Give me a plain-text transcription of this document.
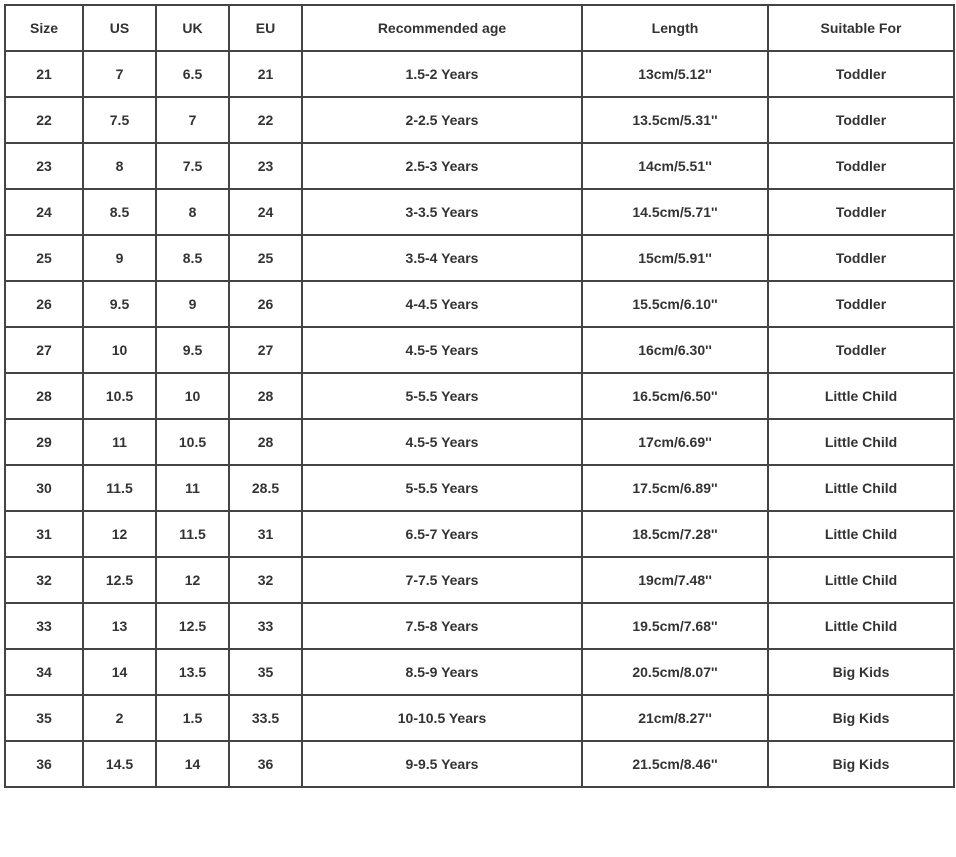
Size	US	UK	EU	Recommended age	Length	Suitable For
21	7	6.5	21	1.5-2 Years	13cm/5.12''	Toddler
22	7.5	7	22	2-2.5 Years	13.5cm/5.31''	Toddler
23	8	7.5	23	2.5-3 Years	14cm/5.51''	Toddler
24	8.5	8	24	3-3.5 Years	14.5cm/5.71''	Toddler
25	9	8.5	25	3.5-4 Years	15cm/5.91''	Toddler
26	9.5	9	26	4-4.5 Years	15.5cm/6.10''	Toddler
27	10	9.5	27	4.5-5 Years	16cm/6.30''	Toddler
28	10.5	10	28	5-5.5 Years	16.5cm/6.50''	Little Child
29	11	10.5	28	4.5-5 Years	17cm/6.69''	Little Child
30	11.5	11	28.5	5-5.5 Years	17.5cm/6.89''	Little Child
31	12	11.5	31	6.5-7 Years	18.5cm/7.28''	Little Child
32	12.5	12	32	7-7.5 Years	19cm/7.48''	Little Child
33	13	12.5	33	7.5-8 Years	19.5cm/7.68''	Little Child
34	14	13.5	35	8.5-9 Years	20.5cm/8.07''	Big Kids
35	2	1.5	33.5	10-10.5 Years	21cm/8.27''	Big Kids
36	14.5	14	36	9-9.5 Years	21.5cm/8.46''	Big Kids
